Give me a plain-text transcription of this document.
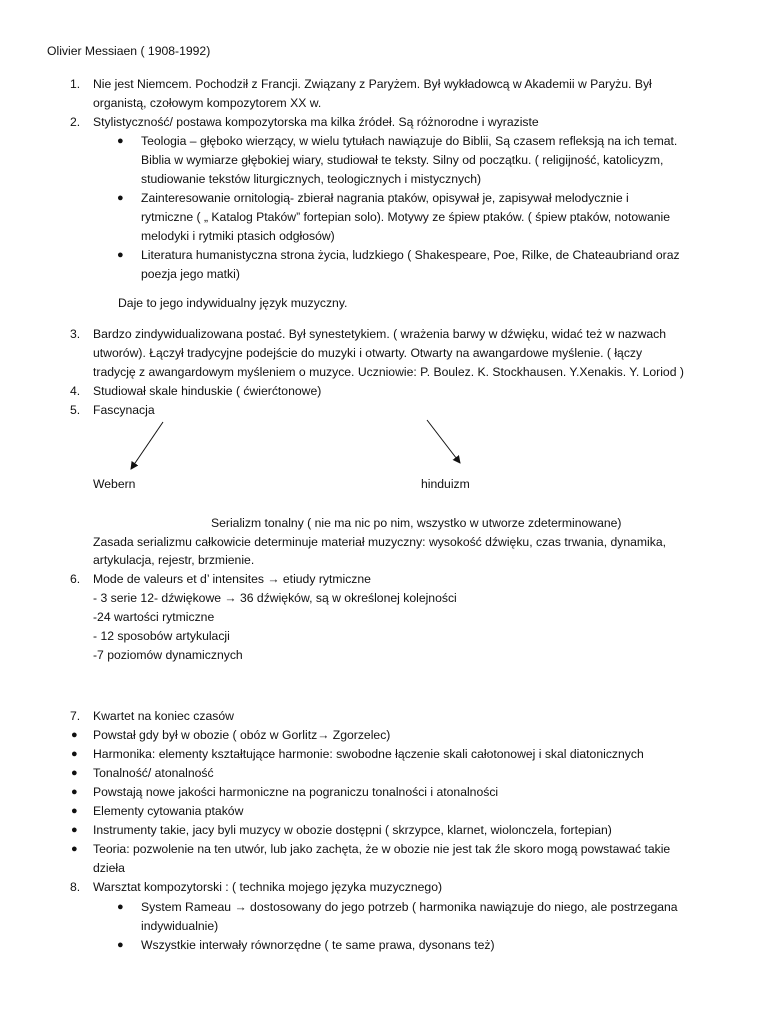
Olivier Messiaen ( 1908-1992)
1. Nie jest Niemcem. Pochodził z Francji. Związany z Paryżem. Był wykładowcą w Akademii w Paryżu. Był
organistą, czołowym kompozytorem XX w.
2. Stylistyczność/ postawa kompozytorska ma kilka źródeł. Są różnorodne i wyraziste
● Teologia – głęboko wierzący, w wielu tytułach nawiązuje do Biblii, Są czasem refleksją na ich temat.
Biblia w wymiarze głębokiej wiary, studiował te teksty. Silny od początku. ( religijność, katolicyzm,
studiowanie tekstów liturgicznych, teologicznych i mistycznych)
● Zainteresowanie ornitologią- zbierał nagrania ptaków, opisywał je, zapisywał melodycznie i
rytmiczne ( „ Katalog Ptaków” fortepian solo). Motywy ze śpiew ptaków. ( śpiew ptaków, notowanie
melodyki i rytmiki ptasich odgłosów)
● Literatura humanistyczna strona życia, ludzkiego ( Shakespeare, Poe, Rilke, de Chateaubriand oraz
poezja jego matki)
Daje to jego indywidualny język muzyczny.
3. Bardzo zindywidualizowana postać. Był synestetykiem. ( wrażenia barwy w dźwięku, widać też w nazwach
utworów). Łączył tradycyjne podejście do muzyki i otwarty. Otwarty na awangardowe myślenie. ( łączy
tradycję z awangardowym myśleniem o muzyce. Uczniowie: P. Boulez. K. Stockhausen. Y.Xenakis. Y. Loriod )
4. Studiował skale hinduskie ( ćwierćtonowe)
5. Fascynacja
Webern	hinduizm
Serializm tonalny ( nie ma nic po nim, wszystko w utworze zdeterminowane)
Zasada serializmu całkowicie determinuje materiał muzyczny: wysokość dźwięku, czas trwania, dynamika,
artykulacja, rejestr, brzmienie.
6. Mode de valeurs et d’ intensites → etiudy rytmiczne
- 3 serie 12- dźwiękowe → 36 dźwięków, są w określonej kolejności
-24 wartości rytmiczne
- 12 sposobów artykulacji
-7 poziomów dynamicznych
7. Kwartet na koniec czasów
● Powstał gdy był w obozie ( obóz w Gorlitz→ Zgorzelec)
● Harmonika: elementy kształtujące harmonie: swobodne łączenie skali całotonowej i skal diatonicznych
● Tonalność/ atonalność
● Powstają nowe jakości harmoniczne na pograniczu tonalności i atonalności
● Elementy cytowania ptaków
● Instrumenty takie, jacy byli muzycy w obozie dostępni ( skrzypce, klarnet, wiolonczela, fortepian)
● Teoria: pozwolenie na ten utwór, lub jako zachęta, że w obozie nie jest tak źle skoro mogą powstawać takie
dzieła
8. Warsztat kompozytorski : ( technika mojego języka muzycznego)
● System Rameau → dostosowany do jego potrzeb ( harmonika nawiązuje do niego, ale postrzegana
indywidualnie)
● Wszystkie interwały równorzędne ( te same prawa, dysonans też)
